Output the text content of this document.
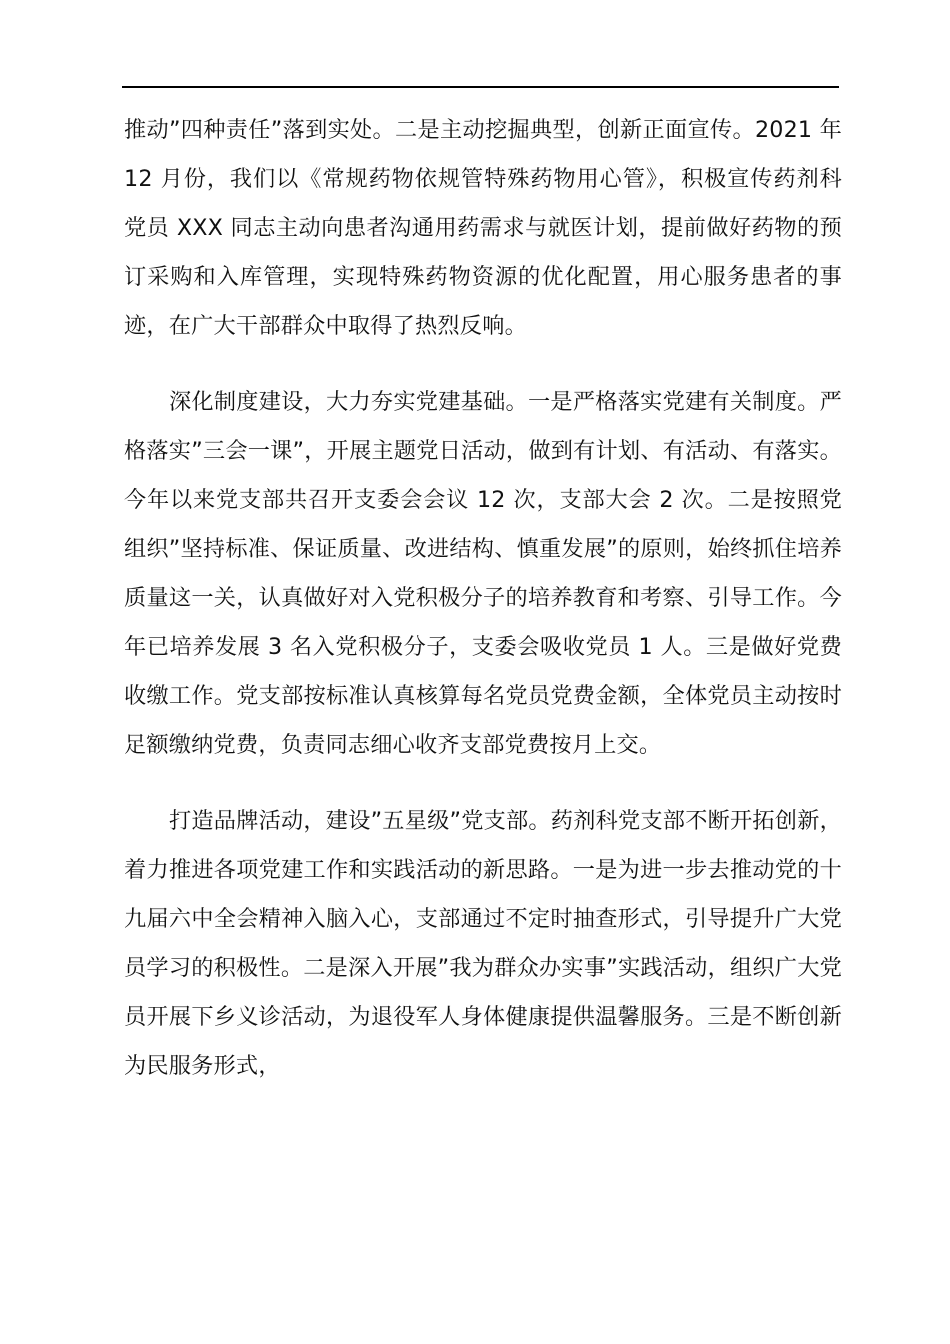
推动”四种责任”落到实处。二是主动挖掘典型，创新正面宣传。2021 年 12 月份，我们以《常规药物依规管特殊药物用心管》，积极宣传药剂科党员 XXX 同志主动向患者沟通用药需求与就医计划，提前做好药物的预订采购和入库管理，实现特殊药物资源的优化配置，用心服务患者的事迹，在广大干部群众中取得了热烈反响。

深化制度建设，大力夯实党建基础。一是严格落实党建有关制度。严格落实”三会一课”，开展主题党日活动，做到有计划、有活动、有落实。今年以来党支部共召开支委会会议 12 次，支部大会 2 次。二是按照党组织”坚持标准、保证质量、改进结构、慎重发展”的原则，始终抓住培养质量这一关，认真做好对入党积极分子的培养教育和考察、引导工作。今年已培养发展 3 名入党积极分子，支委会吸收党员 1 人。三是做好党费收缴工作。党支部按标准认真核算每名党员党费金额，全体党员主动按时足额缴纳党费，负责同志细心收齐支部党费按月上交。

打造品牌活动，建设”五星级”党支部。药剂科党支部不断开拓创新，着力推进各项党建工作和实践活动的新思路。一是为进一步去推动党的十九届六中全会精神入脑入心，支部通过不定时抽查形式，引导提升广大党员学习的积极性。二是深入开展”我为群众办实事”实践活动，组织广大党员开展下乡义诊活动，为退役军人身体健康提供温馨服务。三是不断创新为民服务形式，
